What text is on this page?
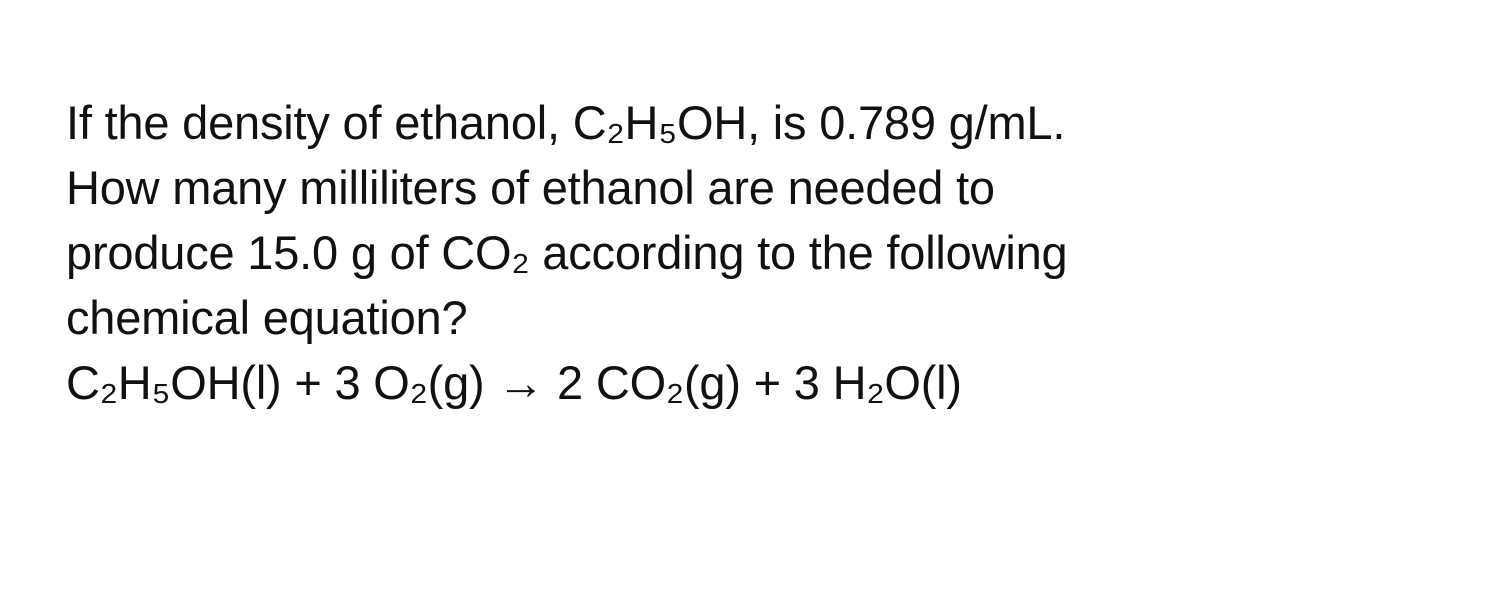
If the density of ethanol, C₂H₅OH, is 0.789 g/mL.
How many milliliters of ethanol are needed to
produce 15.0 g of CO₂ according to the following
chemical equation?
C₂H₅OH(l) + 3 O₂(g) → 2 CO₂(g) + 3 H₂O(l)
